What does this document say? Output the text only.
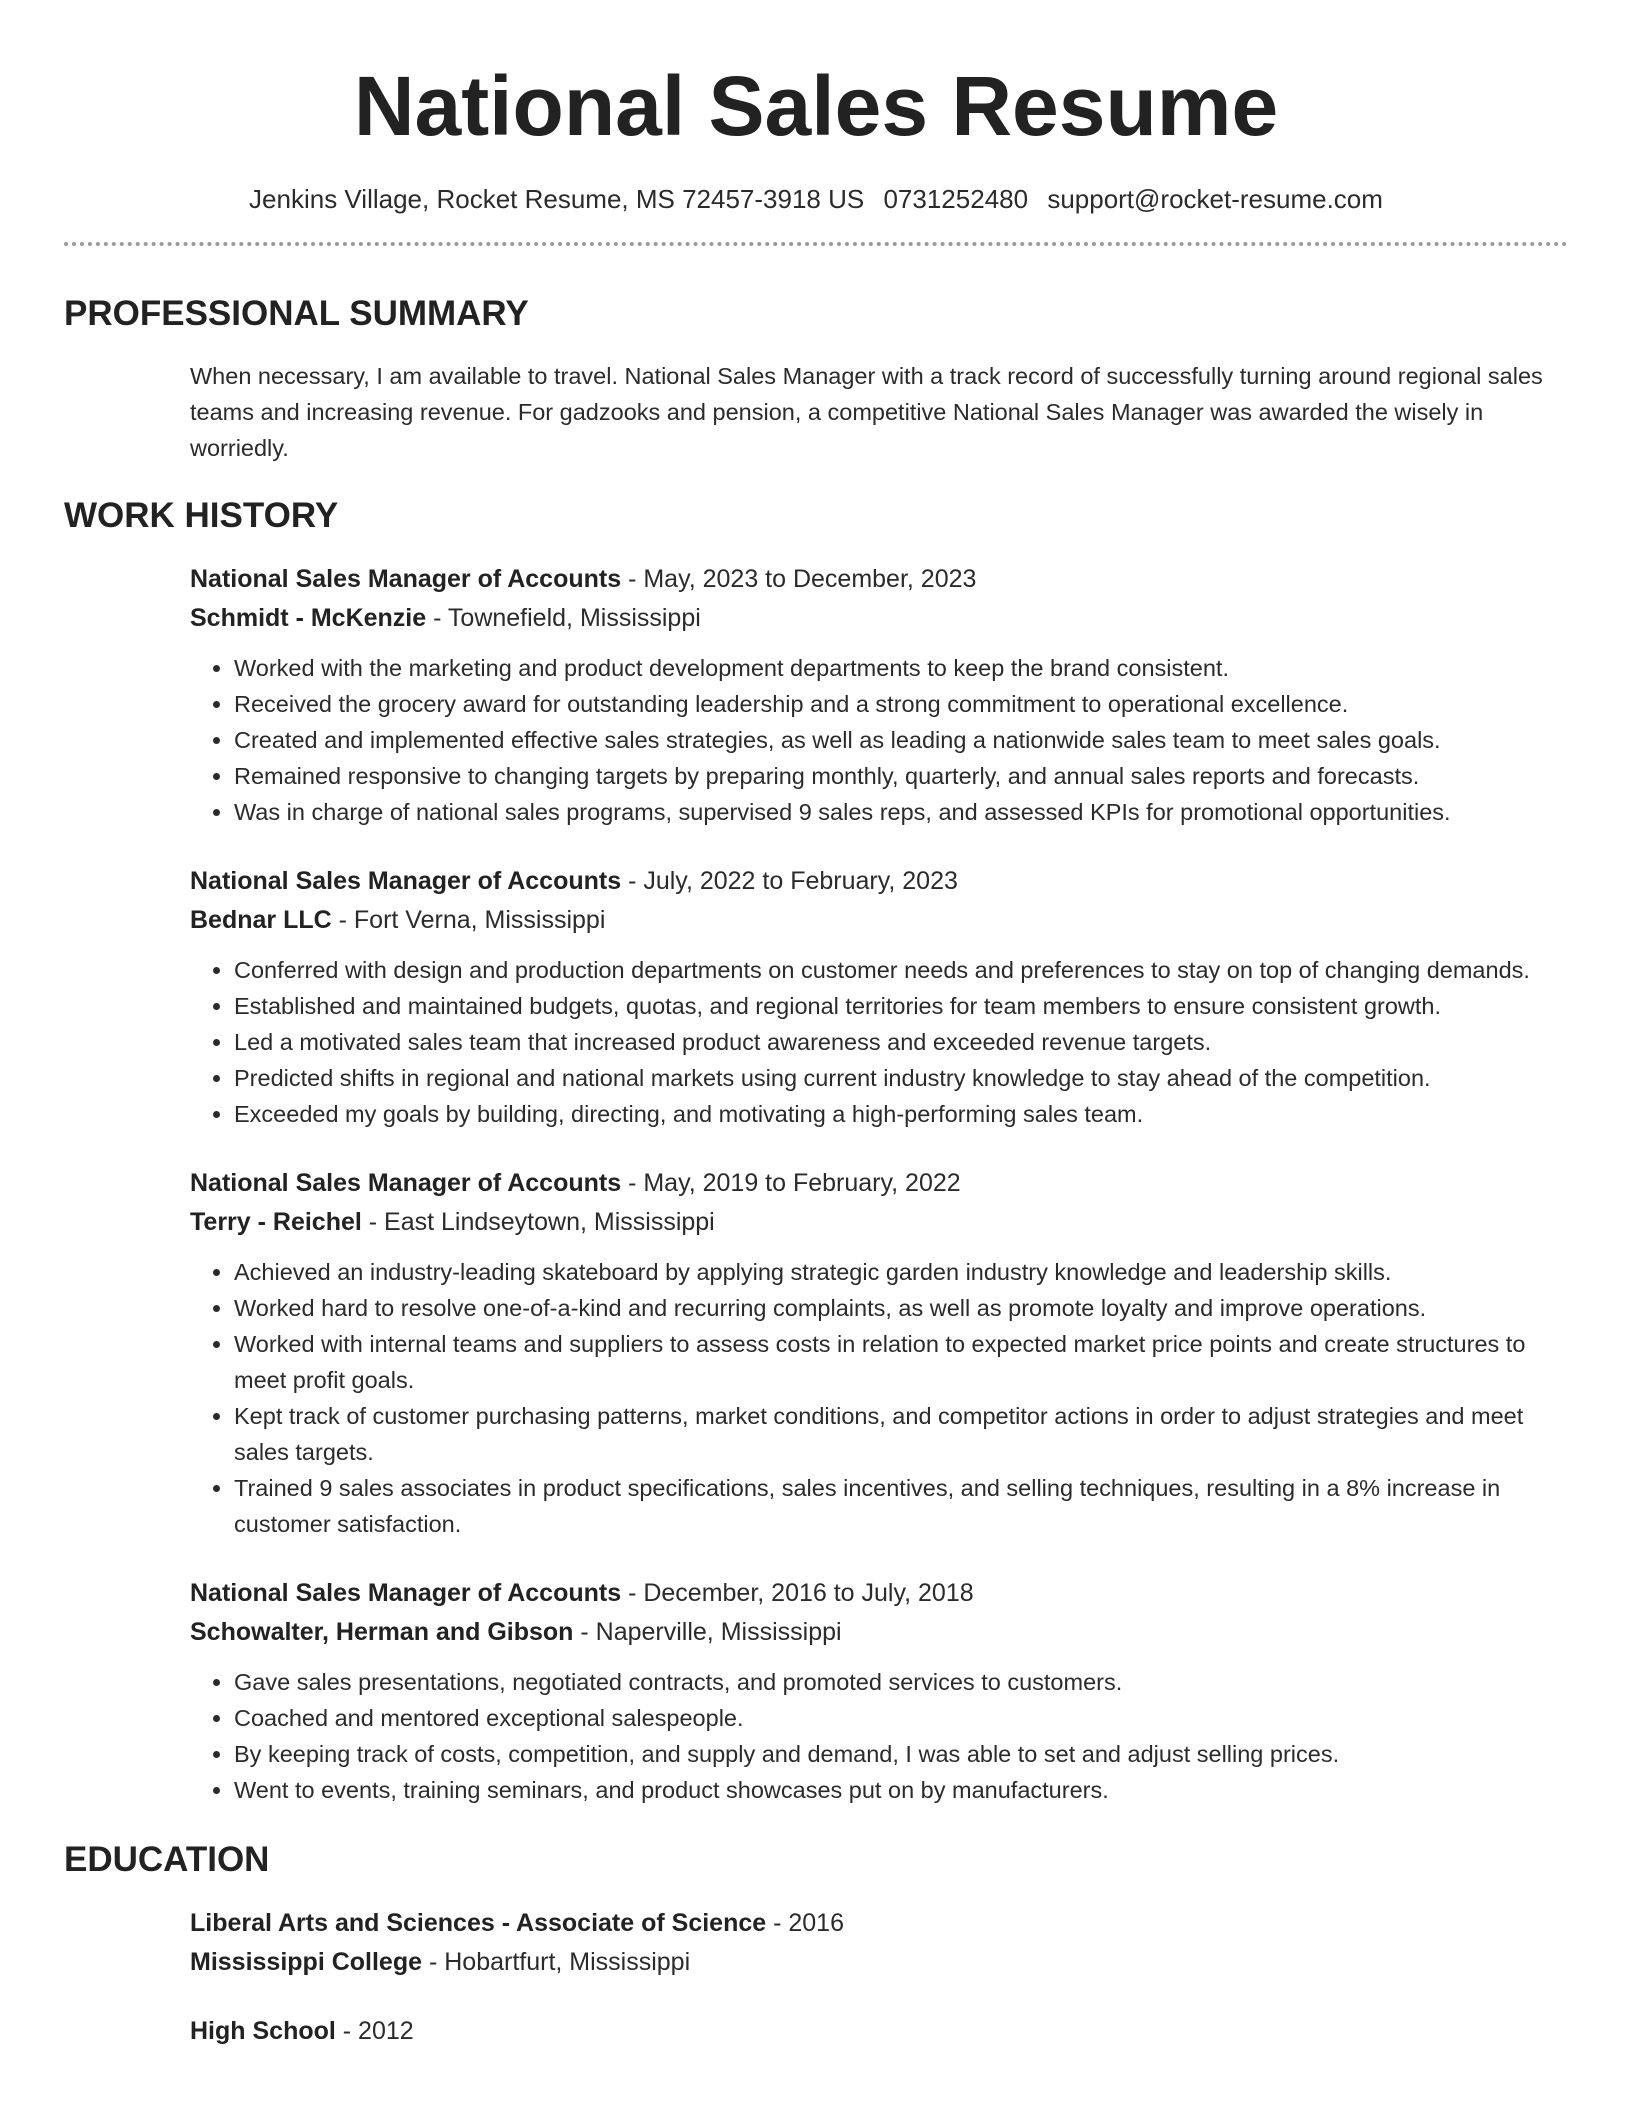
National Sales Resume
Jenkins Village, Rocket Resume, MS 72457-3918 US 0731252480 support@rocket-resume.com
PROFESSIONAL SUMMARY

When necessary, I am available to travel. National Sales Manager with a track record of successfully turning around regional sales teams and increasing revenue. For gadzooks and pension, a competitive National Sales Manager was awarded the wisely in worriedly.

WORK HISTORY
National Sales Manager of Accounts - May, 2023 to December, 2023
Schmidt - McKenzie - Townefield, Mississippi
• Worked with the marketing and product development departments to keep the brand consistent.
• Received the grocery award for outstanding leadership and a strong commitment to operational excellence.
• Created and implemented effective sales strategies, as well as leading a nationwide sales team to meet sales goals.
• Remained responsive to changing targets by preparing monthly, quarterly, and annual sales reports and forecasts.
• Was in charge of national sales programs, supervised 9 sales reps, and assessed KPIs for promotional opportunities.
National Sales Manager of Accounts - July, 2022 to February, 2023
Bednar LLC - Fort Verna, Mississippi
• Conferred with design and production departments on customer needs and preferences to stay on top of changing demands.
• Established and maintained budgets, quotas, and regional territories for team members to ensure consistent growth.
• Led a motivated sales team that increased product awareness and exceeded revenue targets.
• Predicted shifts in regional and national markets using current industry knowledge to stay ahead of the competition.
• Exceeded my goals by building, directing, and motivating a high-performing sales team.
National Sales Manager of Accounts - May, 2019 to February, 2022
Terry - Reichel - East Lindseytown, Mississippi
• Achieved an industry-leading skateboard by applying strategic garden industry knowledge and leadership skills.
• Worked hard to resolve one-of-a-kind and recurring complaints, as well as promote loyalty and improve operations.
• Worked with internal teams and suppliers to assess costs in relation to expected market price points and create structures to meet profit goals.
• Kept track of customer purchasing patterns, market conditions, and competitor actions in order to adjust strategies and meet sales targets.
• Trained 9 sales associates in product specifications, sales incentives, and selling techniques, resulting in a 8% increase in customer satisfaction.
National Sales Manager of Accounts - December, 2016 to July, 2018
Schowalter, Herman and Gibson - Naperville, Mississippi
• Gave sales presentations, negotiated contracts, and promoted services to customers.
• Coached and mentored exceptional salespeople.
• By keeping track of costs, competition, and supply and demand, I was able to set and adjust selling prices.
• Went to events, training seminars, and product showcases put on by manufacturers.
EDUCATION
Liberal Arts and Sciences - Associate of Science - 2016
Mississippi College - Hobartfurt, Mississippi
High School - 2012
